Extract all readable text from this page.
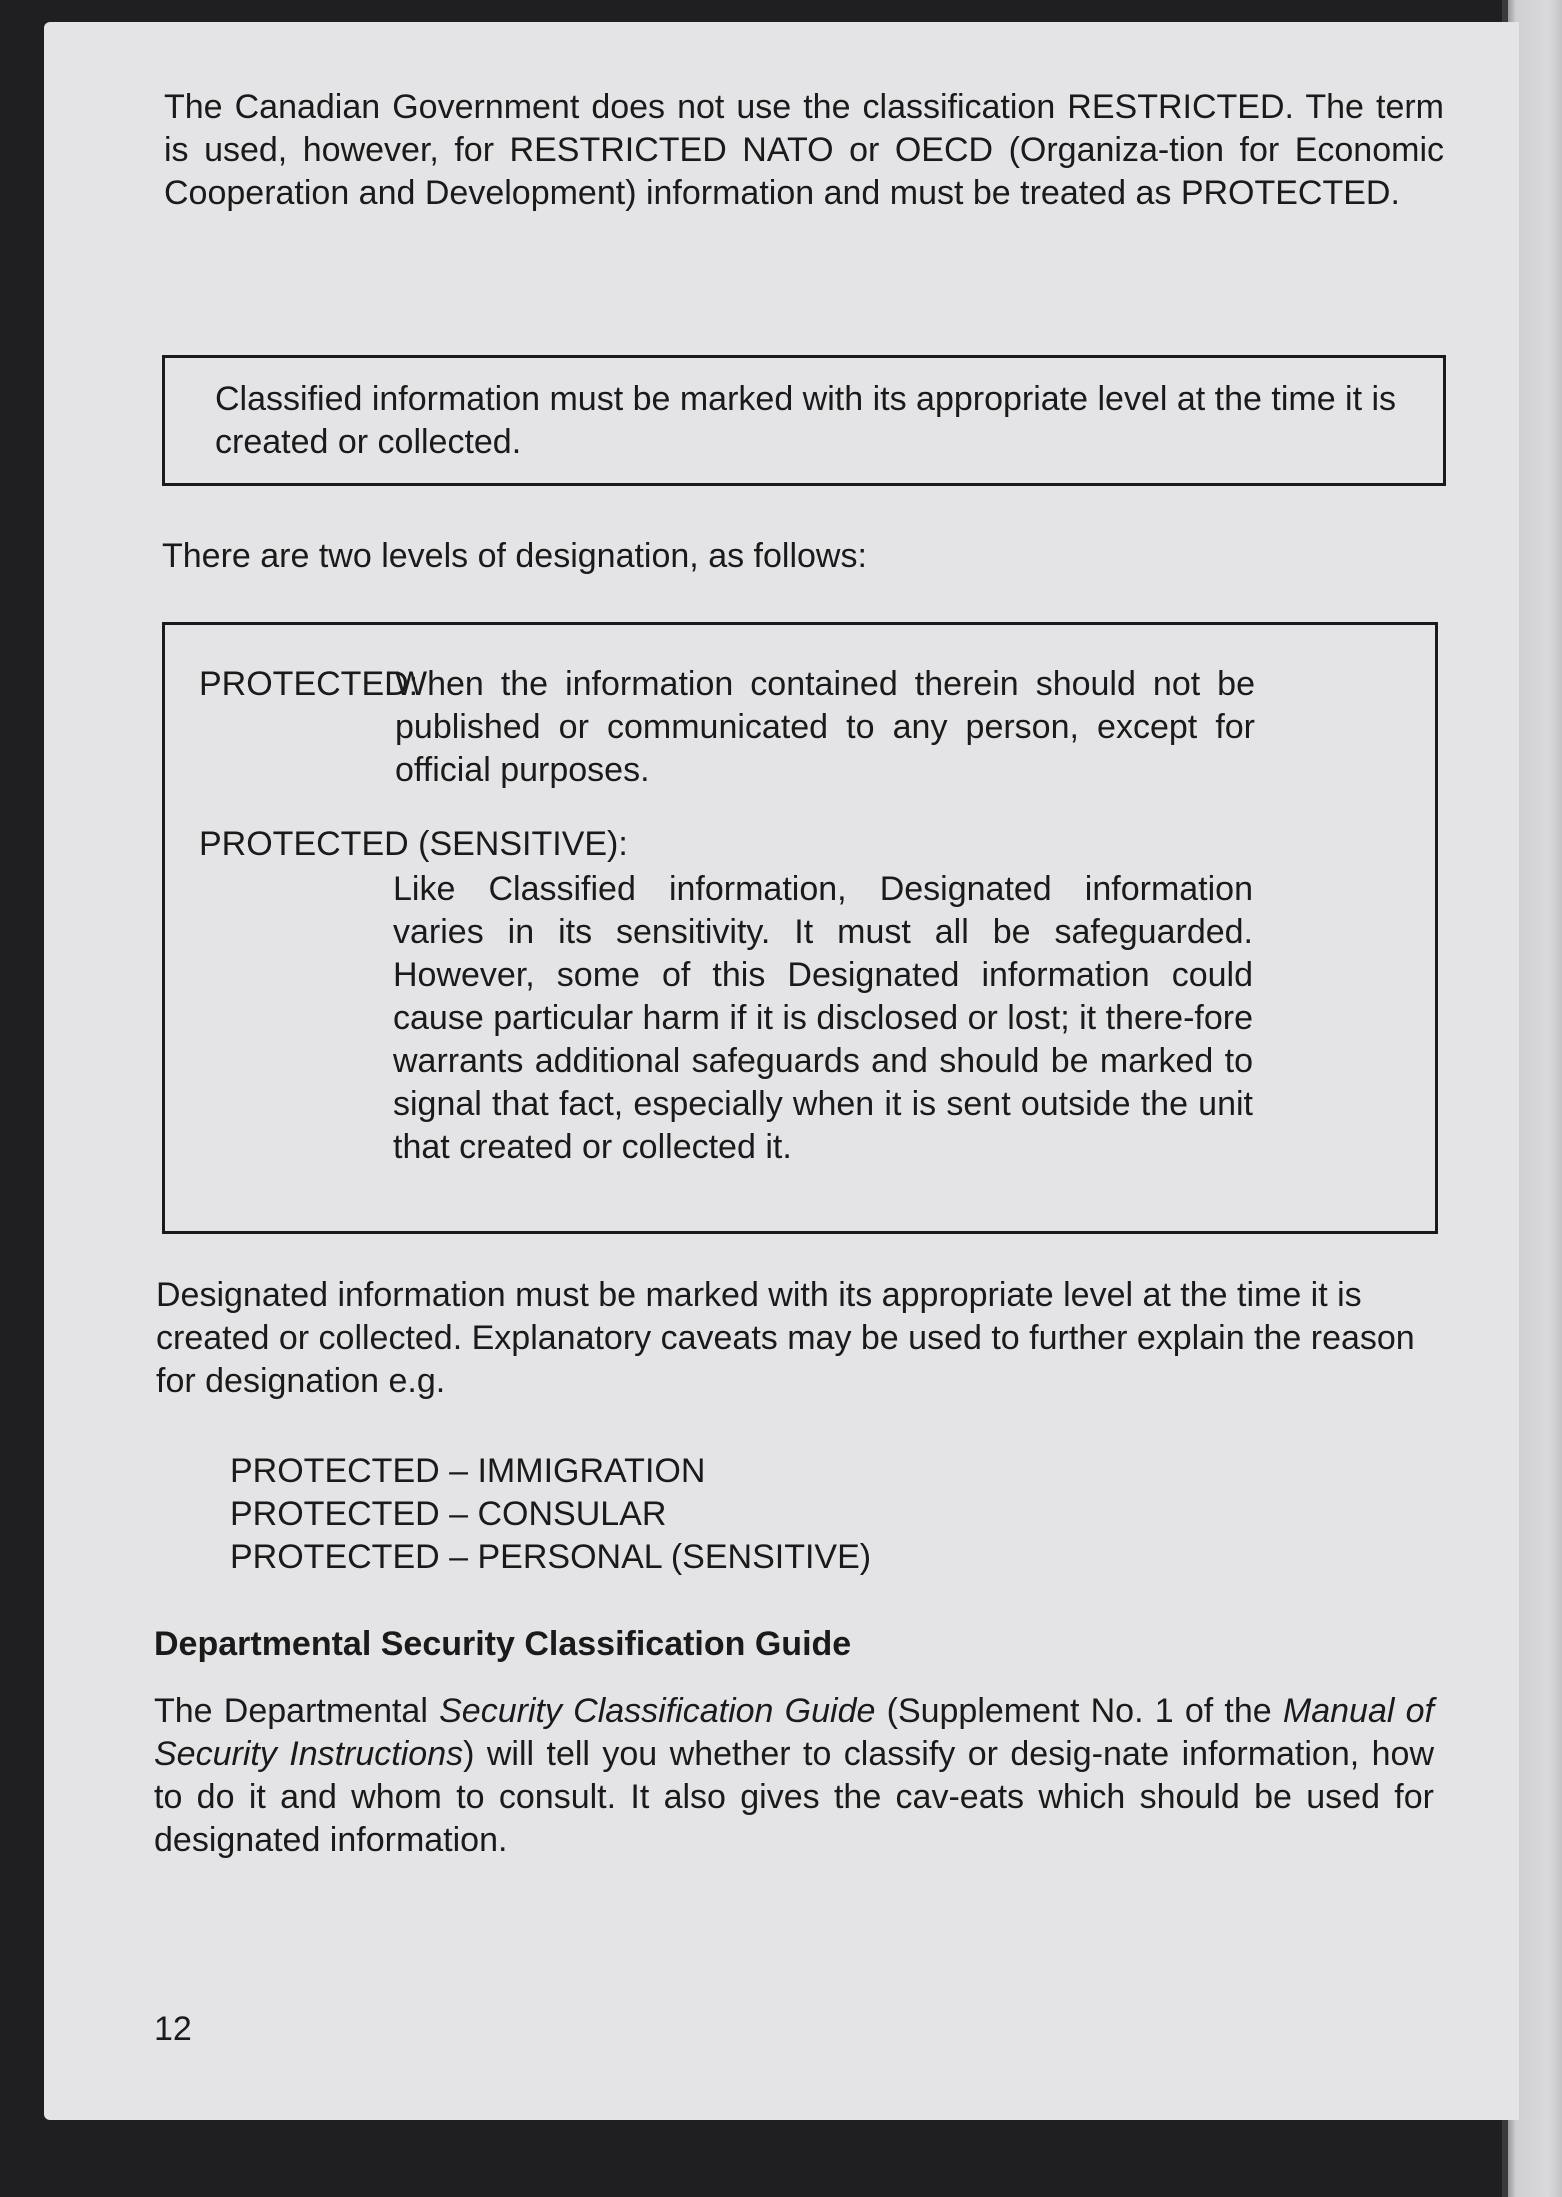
The Canadian Government does not use the classification RESTRICTED. The term is used, however, for RESTRICTED NATO or OECD (Organiza-tion for Economic Cooperation and Development) information and must be treated as PROTECTED.

Classified information must be marked with its appropriate level at the time it is created or collected.

There are two levels of designation, as follows:

PROTECTED:
When the information contained therein should not be published or communicated to any person, except for official purposes.
PROTECTED (SENSITIVE):
Like Classified information, Designated information varies in its sensitivity. It must all be safeguarded. However, some of this Designated information could cause particular harm if it is disclosed or lost; it there-fore warrants additional safeguards and should be marked to signal that fact, especially when it is sent outside the unit that created or collected it.

Designated information must be marked with its appropriate level at the time it is created or collected. Explanatory caveats may be used to further explain the reason for designation e.g.

PROTECTED – IMMIGRATION
PROTECTED – CONSULAR
PROTECTED – PERSONAL (SENSITIVE)
Departmental Security Classification Guide

The Departmental Security Classification Guide (Supplement No. 1 of the Manual of Security Instructions) will tell you whether to classify or desig-nate information, how to do it and whom to consult. It also gives the cav-eats which should be used for designated information.

12
